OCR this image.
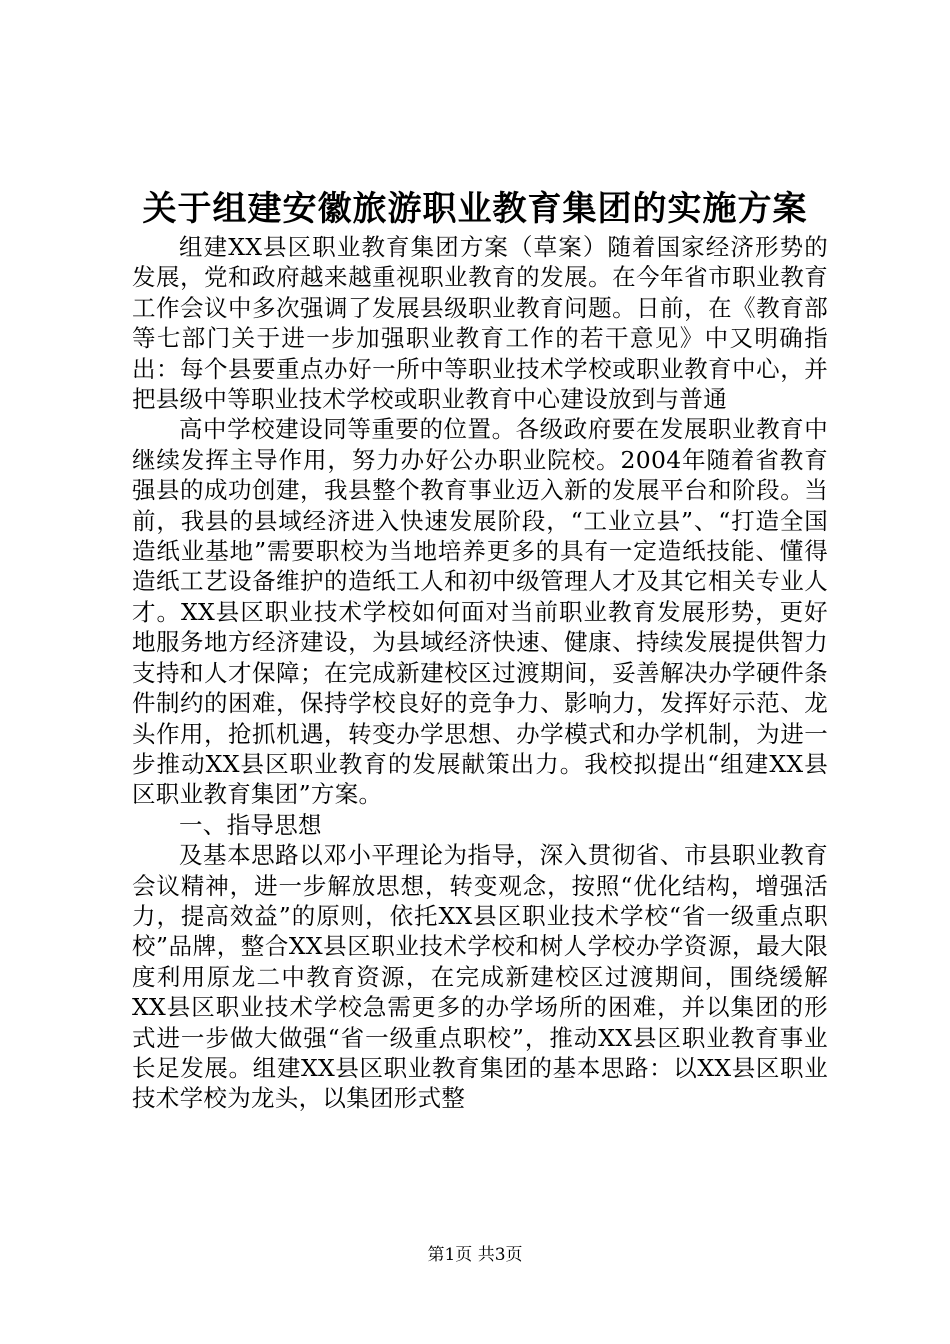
关于组建安徽旅游职业教育集团的实施方案

组建XX县区职业教育集团方案（草案）随着国家经济形势的发展，党和政府越来越重视职业教育的发展。在今年省市职业教育工作会议中多次强调了发展县级职业教育问题。日前，在《教育部等七部门关于进一步加强职业教育工作的若干意见》中又明确指出：每个县要重点办好一所中等职业技术学校或职业教育中心，并把县级中等职业技术学校或职业教育中心建设放到与普通

高中学校建设同等重要的位置。各级政府要在发展职业教育中继续发挥主导作用，努力办好公办职业院校。2004年随着省教育强县的成功创建，我县整个教育事业迈入新的发展平台和阶段。当前，我县的县域经济进入快速发展阶段，“工业立县”、“打造全国造纸业基地”需要职校为当地培养更多的具有一定造纸技能、懂得造纸工艺设备维护的造纸工人和初中级管理人才及其它相关专业人才。XX县区职业技术学校如何面对当前职业教育发展形势，更好地服务地方经济建设，为县域经济快速、健康、持续发展提供智力支持和人才保障；在完成新建校区过渡期间，妥善解决办学硬件条件制约的困难，保持学校良好的竞争力、影响力，发挥好示范、龙头作用，抢抓机遇，转变办学思想、办学模式和办学机制，为进一步推动XX县区职业教育的发展献策出力。我校拟提出“组建XX县区职业教育集团”方案。

一、指导思想

及基本思路以邓小平理论为指导，深入贯彻省、市县职业教育会议精神，进一步解放思想，转变观念，按照“优化结构，增强活力，提高效益”的原则，依托XX县区职业技术学校“省一级重点职校”品牌，整合XX县区职业技术学校和树人学校办学资源，最大限度利用原龙二中教育资源，在完成新建校区过渡期间，围绕缓解XX县区职业技术学校急需更多的办学场所的困难，并以集团的形式进一步做大做强“省一级重点职校”，推动XX县区职业教育事业长足发展。组建XX县区职业教育集团的基本思路：以XX县区职业技术学校为龙头，以集团形式整

第1页 共3页
